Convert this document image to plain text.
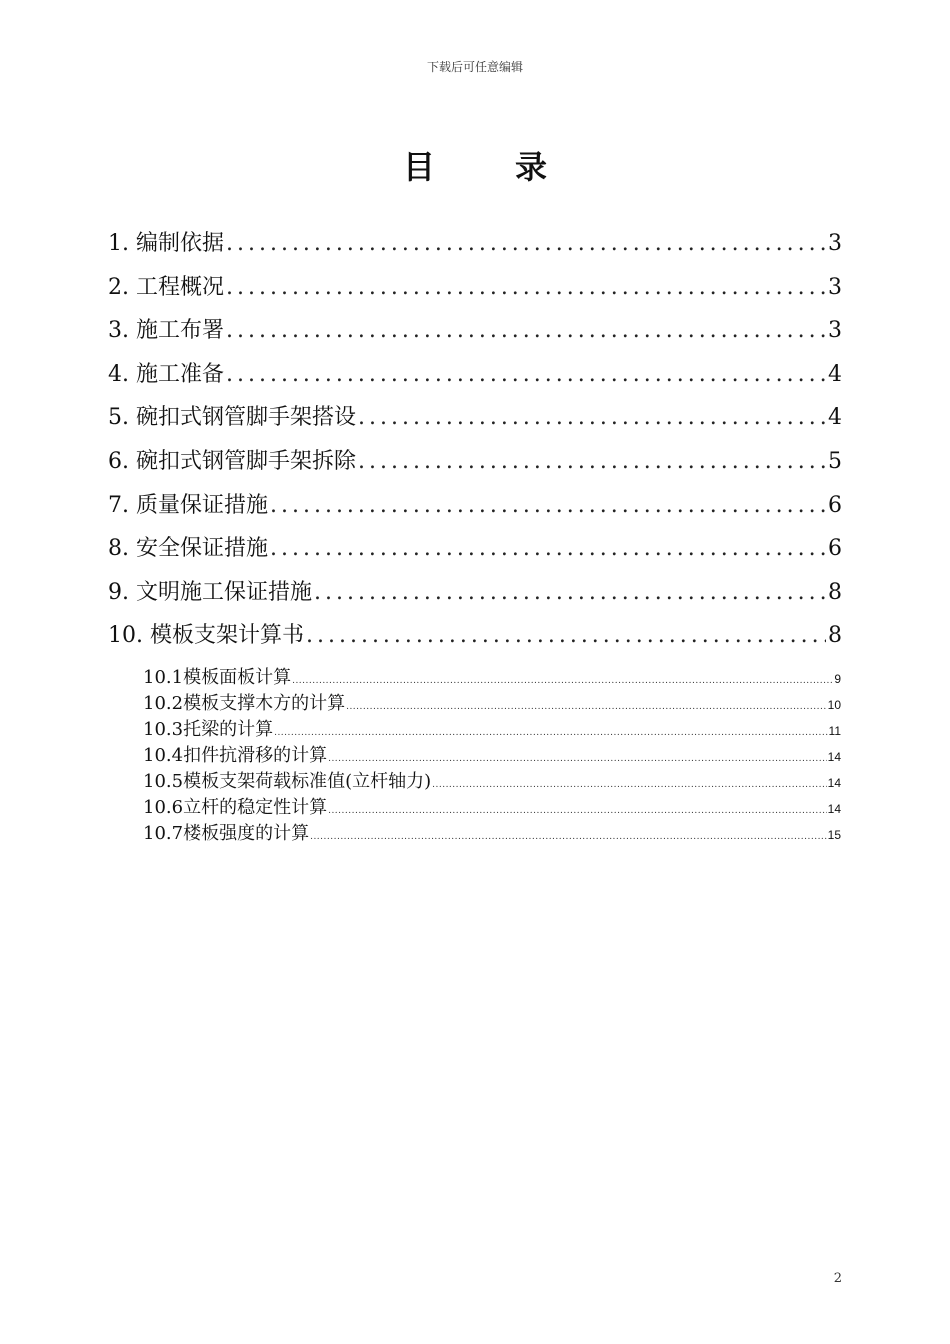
下载后可任意编辑
目录
1. 编制依据 .....	3
2. 工程概况 .....	3
3. 施工布署 .....	3
4. 施工准备 .....	4
5. 碗扣式钢管脚手架搭设 .....	4
6. 碗扣式钢管脚手架拆除 .....	5
7. 质量保证措施 .....	6
8. 安全保证措施 .....	6
9. 文明施工保证措施 .....	8
10. 模板支架计算书 .....	8
10.1模板面板计算 .....	9
10.2模板支撑木方的计算 .....	10
10.3托梁的计算 .....	11
10.4扣件抗滑移的计算 .....	14
10.5模板支架荷载标准值(立杆轴力) .....	14
10.6立杆的稳定性计算 .....	14
10.7楼板强度的计算 .....	15
2
